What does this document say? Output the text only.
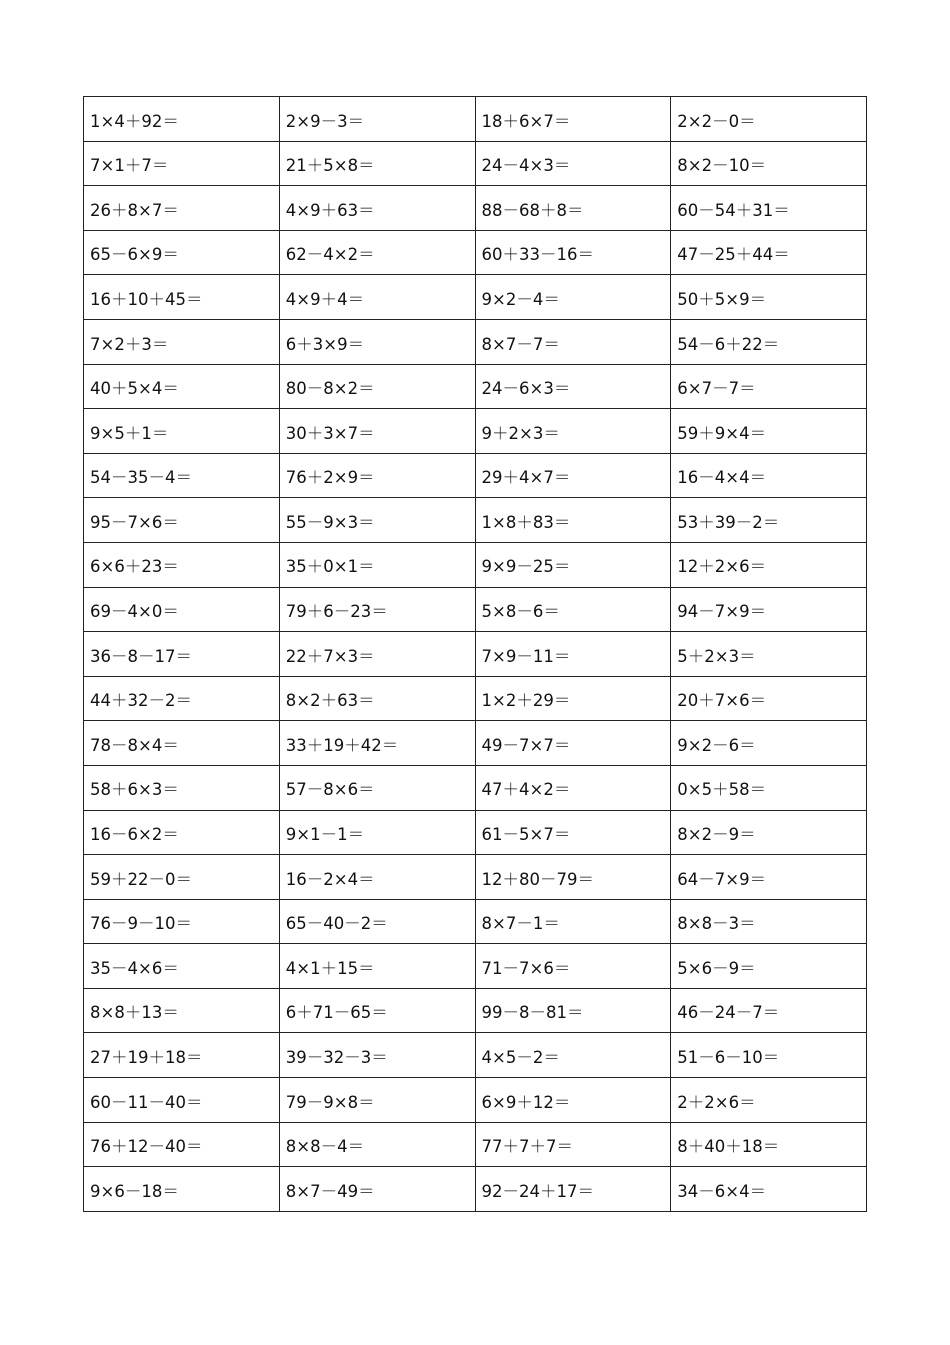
1×4＋92＝	2×9－3＝	18＋6×7＝	2×2－0＝
7×1＋7＝	21＋5×8＝	24－4×3＝	8×2－10＝
26＋8×7＝	4×9＋63＝	88－68＋8＝	60－54＋31＝
65－6×9＝	62－4×2＝	60＋33－16＝	47－25＋44＝
16＋10＋45＝	4×9＋4＝	9×2－4＝	50＋5×9＝
7×2＋3＝	6＋3×9＝	8×7－7＝	54－6＋22＝
40＋5×4＝	80－8×2＝	24－6×3＝	6×7－7＝
9×5＋1＝	30＋3×7＝	9＋2×3＝	59＋9×4＝
54－35－4＝	76＋2×9＝	29＋4×7＝	16－4×4＝
95－7×6＝	55－9×3＝	1×8＋83＝	53＋39－2＝
6×6＋23＝	35＋0×1＝	9×9－25＝	12＋2×6＝
69－4×0＝	79＋6－23＝	5×8－6＝	94－7×9＝
36－8－17＝	22＋7×3＝	7×9－11＝	5＋2×3＝
44＋32－2＝	8×2＋63＝	1×2＋29＝	20＋7×6＝
78－8×4＝	33＋19＋42＝	49－7×7＝	9×2－6＝
58＋6×3＝	57－8×6＝	47＋4×2＝	0×5＋58＝
16－6×2＝	9×1－1＝	61－5×7＝	8×2－9＝
59＋22－0＝	16－2×4＝	12＋80－79＝	64－7×9＝
76－9－10＝	65－40－2＝	8×7－1＝	8×8－3＝
35－4×6＝	4×1＋15＝	71－7×6＝	5×6－9＝
8×8＋13＝	6＋71－65＝	99－8－81＝	46－24－7＝
27＋19＋18＝	39－32－3＝	4×5－2＝	51－6－10＝
60－11－40＝	79－9×8＝	6×9＋12＝	2＋2×6＝
76＋12－40＝	8×8－4＝	77＋7＋7＝	8＋40＋18＝
9×6－18＝	8×7－49＝	92－24＋17＝	34－6×4＝
